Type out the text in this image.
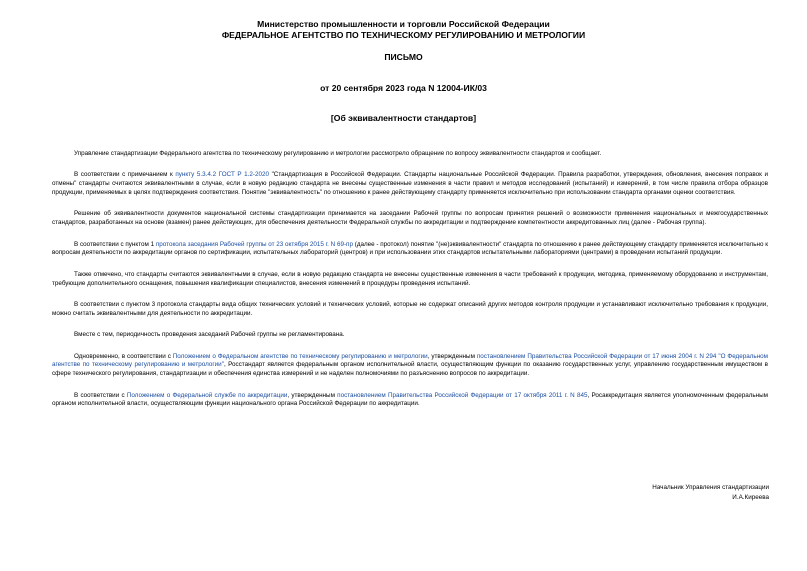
Министерство промышленности и торговли Российской Федерации
ФЕДЕРАЛЬНОЕ АГЕНТСТВО ПО ТЕХНИЧЕСКОМУ РЕГУЛИРОВАНИЮ И МЕТРОЛОГИИ
ПИСЬМО
от 20 сентября 2023 года N 12004-ИК/03
[Об эквивалентности стандартов]

Управление стандартизации Федерального агентства по техническому регулированию и метрологии рассмотрело обращение по вопросу эквивалентности стандартов и сообщает.

В соответствии с примечанием к пункту 5.3.4.2 ГОСТ Р 1.2-2020 "Стандартизация в Российской Федерации. Стандарты национальные Российской Федерации. Правила разработки, утверждения, обновления, внесения поправок и отмены" стандарты считаются эквивалентными в случае, если в новую редакцию стандарта не внесены существенные изменения в части правил и методов исследований (испытаний) и измерений, в том числе правила отбора образцов продукции, применяемых в целях подтверждения соответствия. Понятие "эквивалентность" по отношению к ранее действующему стандарту применяется исключительно при использовании стандарта органами оценки соответствия.

Решение об эквивалентности документов национальной системы стандартизации принимается на заседании Рабочей группы по вопросам принятия решений о возможности применения национальных и межгосударственных стандартов, разработанных на основе (взамен) ранее действующих, для обеспечения деятельности Федеральной службы по аккредитации и подтверждение компетентности аккредитованных лиц (далее - Рабочая группа).

В соответствии с пунктом 1 протокола заседания Рабочей группы от 23 октября 2015 г. N 69-пр (далее - протокол) понятие "(не)эквивалентности" стандарта по отношению к ранее действующему стандарту применяется исключительно к вопросам деятельности по аккредитации органов по сертификации, испытательных лабораторий (центров) и при использовании этих стандартов испытательными лабораториями (центрами) в проведении испытаний продукции.

Также отмечено, что стандарты считаются эквивалентными в случае, если в новую редакцию стандарта не внесены существенные изменения в части требований к продукции, методика, применяемому оборудованию и инструментам, требующие дополнительного оснащения, повышения квалификации специалистов, внесения изменений в процедуры проведения испытаний.

В соответствии с пунктом 3 протокола стандарты вида общих технических условий и технических условий, которые не содержат описаний других методов контроля продукции и устанавливают исключительно требования к продукции, можно считать эквивалентными для деятельности по аккредитации.

Вместе с тем, периодичность проведения заседаний Рабочей группы не регламентирована.

Одновременно, в соответствии с Положением о Федеральном агентстве по техническому регулированию и метрологии, утвержденным постановлением Правительства Российской Федерации от 17 июня 2004 г. N 294 "О Федеральном агентстве по техническому регулированию и метрологии", Росстандарт является федеральным органом исполнительной власти, осуществляющим функции по оказанию государственных услуг, управлению государственным имуществом в сфере технического регулирования, стандартизации и обеспечения единства измерений и не наделен полномочиями по разъяснению вопросов по аккредитации.

В соответствии с Положением о Федеральной службе по аккредитации, утвержденным постановлением Правительства Российской Федерации от 17 октября 2011 г. N 845, Росаккредитация является уполномоченным федеральным органом исполнительной власти, осуществляющим функции национального органа Российской Федерации по аккредитации.

Начальник Управления стандартизации
И.А.Киреева
